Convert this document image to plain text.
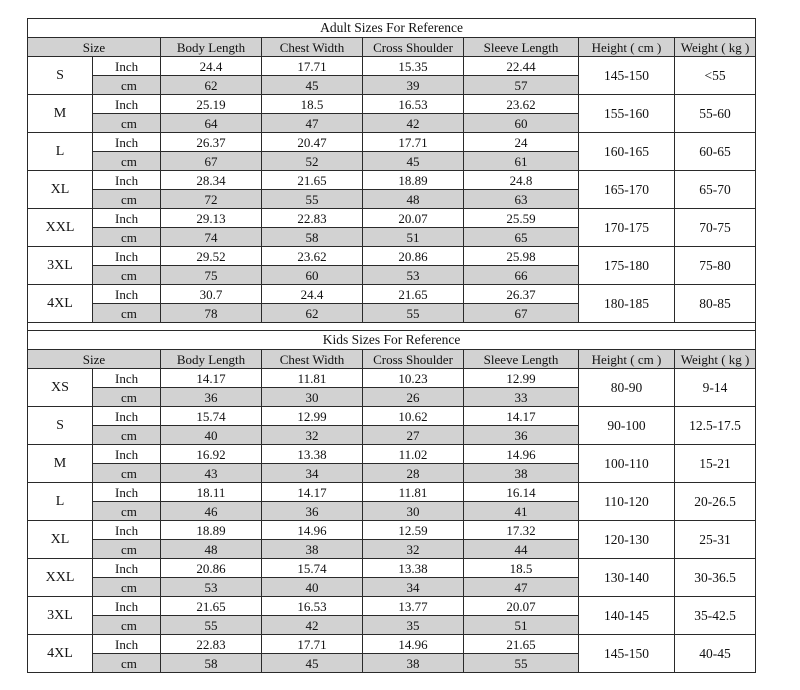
Adult Sizes For Reference							
Size		Body Length	Chest Width	Cross Shoulder	Sleeve Length	Height ( cm )	Weight ( kg )
S	Inch	24.4	17.71	15.35	22.44	145-150	<55
	cm	62	45	39	57		
M	Inch	25.19	18.5	16.53	23.62	155-160	55-60
	cm	64	47	42	60		
L	Inch	26.37	20.47	17.71	24	160-165	60-65
	cm	67	52	45	61		
XL	Inch	28.34	21.65	18.89	24.8	165-170	65-70
	cm	72	55	48	63		
XXL	Inch	29.13	22.83	20.07	25.59	170-175	70-75
	cm	74	58	51	65		
3XL	Inch	29.52	23.62	20.86	25.98	175-180	75-80
	cm	75	60	53	66		
4XL	Inch	30.7	24.4	21.65	26.37	180-185	80-85
	cm	78	62	55	67		

Kids Sizes For Reference							
Size		Body Length	Chest Width	Cross Shoulder	Sleeve Length	Height ( cm )	Weight ( kg )
XS	Inch	14.17	11.81	10.23	12.99	80-90	9-14
	cm	36	30	26	33		
S	Inch	15.74	12.99	10.62	14.17	90-100	12.5-17.5
	cm	40	32	27	36		
M	Inch	16.92	13.38	11.02	14.96	100-110	15-21
	cm	43	34	28	38		
L	Inch	18.11	14.17	11.81	16.14	110-120	20-26.5
	cm	46	36	30	41		
XL	Inch	18.89	14.96	12.59	17.32	120-130	25-31
	cm	48	38	32	44		
XXL	Inch	20.86	15.74	13.38	18.5	130-140	30-36.5
	cm	53	40	34	47		
3XL	Inch	21.65	16.53	13.77	20.07	140-145	35-42.5
	cm	55	42	35	51		
4XL	Inch	22.83	17.71	14.96	21.65	145-150	40-45
	cm	58	45	38	55		
